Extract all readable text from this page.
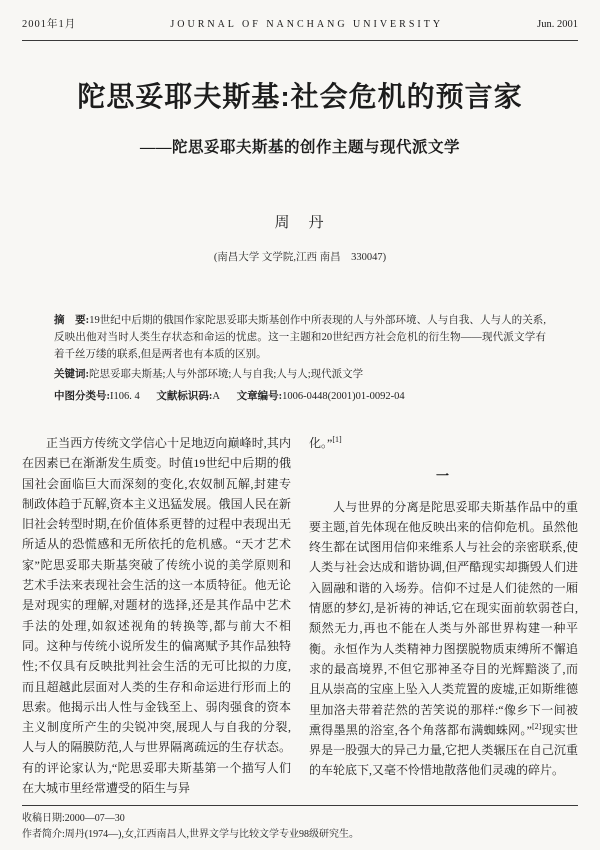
2001年1月	JOURNAL OF NANCHANG UNIVERSITY	Jun. 2001
陀思妥耶夫斯基:社会危机的预言家
——陀思妥耶夫斯基的创作主题与现代派文学
周　丹
(南昌大学 文学院,江西 南昌　330047)

摘　要:19世纪中后期的俄国作家陀思妥耶夫斯基创作中所表现的人与外部环境、人与自我、人与人的关系,反映出他对当时人类生存状态和命运的忧虑。这一主题和20世纪西方社会危机的衍生物——现代派文学有着千丝万缕的联系,但是两者也有本质的区别。

关键词:陀思妥耶夫斯基;人与外部环境;人与自我;人与人;现代派文学

中图分类号:I106. 4 文献标识码:A 文章编号:1006-0448(2001)01-0092-04

正当西方传统文学信心十足地迈向巅峰时,其内在因素已在渐渐发生质变。时值19世纪中后期的俄国社会面临巨大而深刻的变化,农奴制瓦解,封建专制政体趋于瓦解,资本主义迅猛发展。俄国人民在新旧社会转型时期,在价值体系更替的过程中表现出无所适从的恐慌感和无所依托的危机感。“天才艺术家”陀思妥耶夫斯基突破了传统小说的美学原则和艺术手法来表现社会生活的这一本质特征。他无论是对现实的理解,对题材的选择,还是其作品中艺术手法的处理,如叙述视角的转换等,都与前大不相同。这种与传统小说所发生的偏离赋予其作品独特性;不仅具有反映批判社会生活的无可比拟的力度,而且超越此层面对人类的生存和命运进行形而上的思索。他揭示出人性与金钱至上、弱肉强食的资本主义制度所产生的尖锐冲突,展现人与自我的分裂,人与人的隔膜防范,人与世界隔离疏远的生存状态。有的评论家认为,“陀思妥耶夫斯基第一个描写人们在大城市里经常遭受的陌生与异

化。”[1]

一

人与世界的分离是陀思妥耶夫斯基作品中的重要主题,首先体现在他反映出来的信仰危机。虽然他终生都在试图用信仰来维系人与社会的亲密联系,使人类与社会达成和谐协调,但严酷现实却撕毁人们进入圆融和谐的入场券。信仰不过是人们徒然的一厢情愿的梦幻,是祈祷的神话,它在现实面前软弱苍白,颓然无力,再也不能在人类与外部世界构建一种平衡。永恒作为人类精神力图摆脱物质束缚所不懈追求的最高境界,不但它那神圣夺目的光辉黯淡了,而且从崇高的宝座上坠入人类荒置的废墟,正如斯维德里加洛夫带着茫然的苦笑说的那样:“像乡下一间被熏得墨黑的浴室,各个角落都布满蜘蛛网。”[2]现实世界是一股强大的异己力量,它把人类辗压在自己沉重的车轮底下,又毫不怜惜地散落他们灵魂的碎片。

收稿日期:2000—07—30
作者简介:周丹(1974—),女,江西南昌人,世界文学与比较文学专业98级研究生。
